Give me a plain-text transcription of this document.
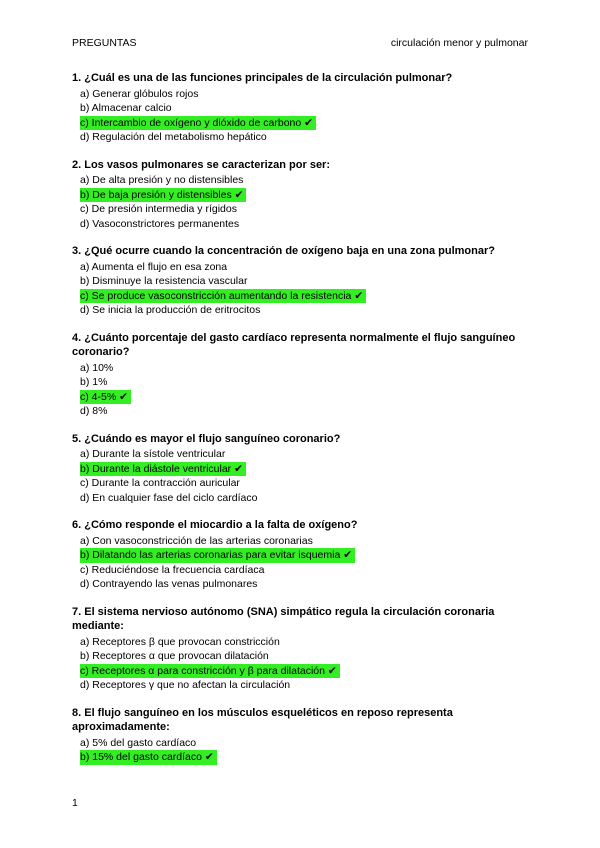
PREGUNTAS	circulación menor y pulmonar
1. ¿Cuál es una de las funciones principales de la circulación pulmonar?
a) Generar glóbulos rojos
b) Almacenar calcio
c) Intercambio de oxígeno y dióxido de carbono ✔
d) Regulación del metabolismo hepático
2. Los vasos pulmonares se caracterizan por ser:
a) De alta presión y no distensibles
b) De baja presión y distensibles ✔
c) De presión intermedia y rígidos
d) Vasoconstrictores permanentes
3. ¿Qué ocurre cuando la concentración de oxígeno baja en una zona pulmonar?
a) Aumenta el flujo en esa zona
b) Disminuye la resistencia vascular
c) Se produce vasoconstricción aumentando la resistencia ✔
d) Se inicia la producción de eritrocitos
4. ¿Cuánto porcentaje del gasto cardíaco representa normalmente el flujo sanguíneo coronario?
a) 10%
b) 1%
c) 4-5% ✔
d) 8%
5. ¿Cuándo es mayor el flujo sanguíneo coronario?
a) Durante la sístole ventricular
b) Durante la diástole ventricular ✔
c) Durante la contracción auricular
d) En cualquier fase del ciclo cardíaco
6. ¿Cómo responde el miocardio a la falta de oxígeno?
a) Con vasoconstricción de las arterias coronarias
b) Dilatando las arterias coronarias para evitar isquemia ✔
c) Reduciéndose la frecuencia cardíaca
d) Contrayendo las venas pulmonares
7. El sistema nervioso autónomo (SNA) simpático regula la circulación coronaria mediante:
a) Receptores β que provocan constricción
b) Receptores α que provocan dilatación
c) Receptores α para constricción y β para dilatación ✔
d) Receptores γ que no afectan la circulación
8. El flujo sanguíneo en los músculos esqueléticos en reposo representa aproximadamente:
a) 5% del gasto cardíaco
b) 15% del gasto cardíaco ✔
1
